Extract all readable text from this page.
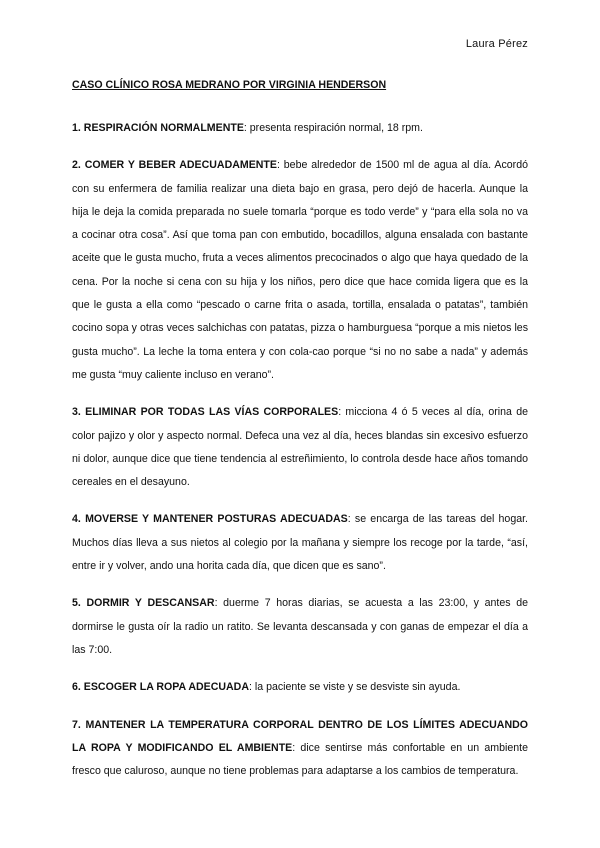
Laura Pérez
CASO CLÍNICO ROSA MEDRANO POR VIRGINIA HENDERSON

1. RESPIRACIÓN NORMALMENTE: presenta respiración normal, 18 rpm.

2. COMER Y BEBER ADECUADAMENTE: bebe alrededor de 1500 ml de agua al día. Acordó con su enfermera de familia realizar una dieta bajo en grasa, pero dejó de hacerla. Aunque la hija le deja la comida preparada no suele tomarla “porque es todo verde” y “para ella sola no va a cocinar otra cosa”. Así que toma pan con embutido, bocadillos, alguna ensalada con bastante aceite que le gusta mucho, fruta a veces alimentos precocinados o algo que haya quedado de la cena. Por la noche si cena con su hija y los niños, pero dice que hace comida ligera que es la que le gusta a ella como “pescado o carne frita o asada, tortilla, ensalada o patatas”, también cocino sopa y otras veces salchichas con patatas, pizza o hamburguesa “porque a mis nietos les gusta mucho”. La leche la toma entera y con cola-cao porque “si no no sabe a nada” y además me gusta “muy caliente incluso en verano”.

3. ELIMINAR POR TODAS LAS VÍAS CORPORALES: micciona 4 ó 5 veces al día, orina de color pajizo y olor y aspecto normal. Defeca una vez al día, heces blandas sin excesivo esfuerzo ni dolor, aunque dice que tiene tendencia al estreñimiento, lo controla desde hace años tomando cereales en el desayuno.

4. MOVERSE Y MANTENER POSTURAS ADECUADAS: se encarga de las tareas del hogar. Muchos días lleva a sus nietos al colegio por la mañana y siempre los recoge por la tarde, “así, entre ir y volver, ando una horita cada día, que dicen que es sano”.

5. DORMIR Y DESCANSAR: duerme 7 horas diarias, se acuesta a las 23:00, y antes de dormirse le gusta oír la radio un ratito. Se levanta descansada y con ganas de empezar el día a las 7:00.

6. ESCOGER LA ROPA ADECUADA: la paciente se viste y se desviste sin ayuda.

7. MANTENER LA TEMPERATURA CORPORAL DENTRO DE LOS LÍMITES ADECUANDO LA ROPA Y MODIFICANDO EL AMBIENTE: dice sentirse más confortable en un ambiente fresco que caluroso, aunque no tiene problemas para adaptarse a los cambios de temperatura.
